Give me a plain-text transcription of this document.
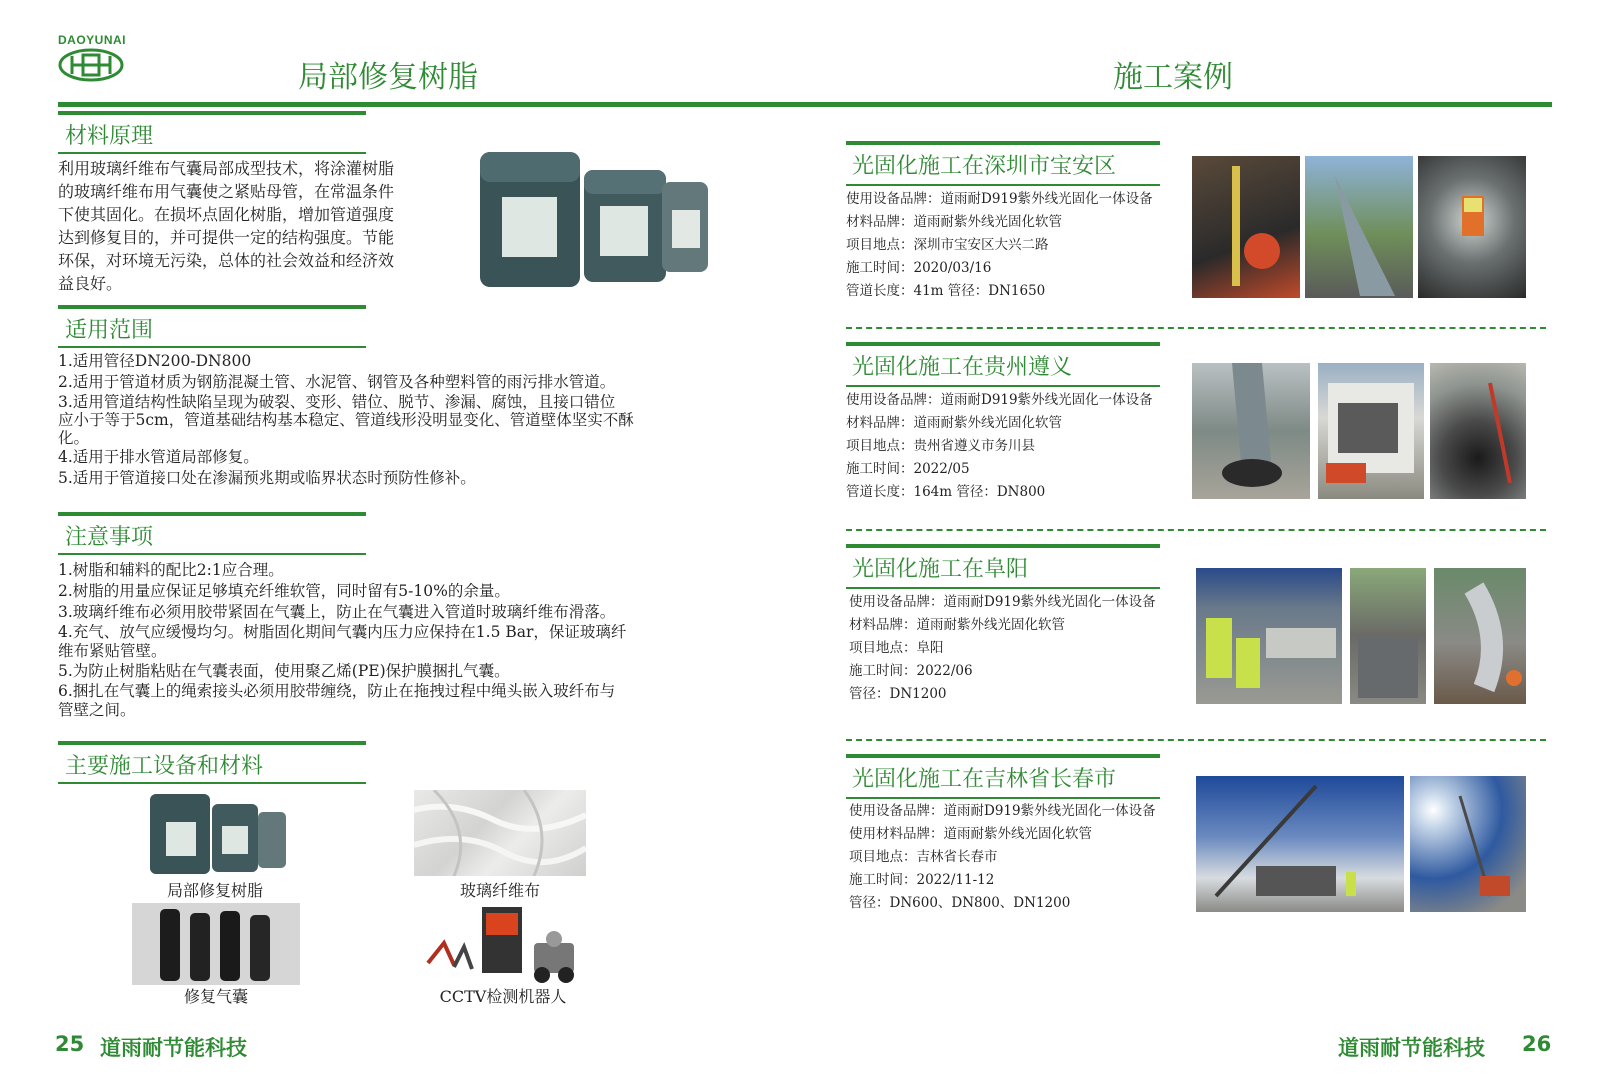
DAOYUNAI
局部修复树脂	施工案例
材料原理
利用玻璃纤维布气囊局部成型技术，将涂灌树脂
的玻璃纤维布用气囊使之紧贴母管，在常温条件
下使其固化。在损坏点固化树脂，增加管道强度
达到修复目的，并可提供一定的结构强度。节能
环保，对环境无污染，总体的社会效益和经济效
益良好。
适用范围
1.适用管径DN200-DN800
2.适用于管道材质为钢筋混凝土管、水泥管、钢管及各种塑料管的雨污排水管道。
3.适用管道结构性缺陷呈现为破裂、变形、错位、脱节、渗漏、腐蚀，且接口错位
应小于等于5cm，管道基础结构基本稳定、管道线形没明显变化、管道壁体坚实不酥
化。
4.适用于排水管道局部修复。
5.适用于管道接口处在渗漏预兆期或临界状态时预防性修补。
注意事项
1.树脂和辅料的配比2:1应合理。
2.树脂的用量应保证足够填充纤维软管，同时留有5-10%的余量。
3.玻璃纤维布必须用胶带紧固在气囊上，防止在气囊进入管道时玻璃纤维布滑落。
4.充气、放气应缓慢均匀。树脂固化期间气囊内压力应保持在1.5 Bar，保证玻璃纤
维布紧贴管壁。
5.为防止树脂粘贴在气囊表面，使用聚乙烯(PE)保护膜捆扎气囊。
6.捆扎在气囊上的绳索接头必须用胶带缠绕，防止在拖拽过程中绳头嵌入玻纤布与
管壁之间。
主要施工设备和材料
局部修复树脂	玻璃纤维布
修复气囊	CCTV检测机器人
25 道雨耐节能科技
光固化施工在深圳市宝安区
使用设备品牌：道雨耐D919紫外线光固化一体设备
材料品牌：道雨耐紫外线光固化软管
项目地点：深圳市宝安区大兴二路
施工时间：2020/03/16
管道长度：41m 管径：DN1650
光固化施工在贵州遵义
使用设备品牌：道雨耐D919紫外线光固化一体设备
材料品牌：道雨耐紫外线光固化软管
项目地点：贵州省遵义市务川县
施工时间：2022/05
管道长度：164m 管径：DN800
光固化施工在阜阳
使用设备品牌：道雨耐D919紫外线光固化一体设备
材料品牌：道雨耐紫外线光固化软管
项目地点：阜阳
施工时间：2022/06
管径：DN1200
光固化施工在吉林省长春市
使用设备品牌：道雨耐D919紫外线光固化一体设备
使用材料品牌：道雨耐紫外线光固化软管
项目地点：吉林省长春市
施工时间：2022/11-12
管径：DN600、DN800、DN1200
道雨耐节能科技 26
